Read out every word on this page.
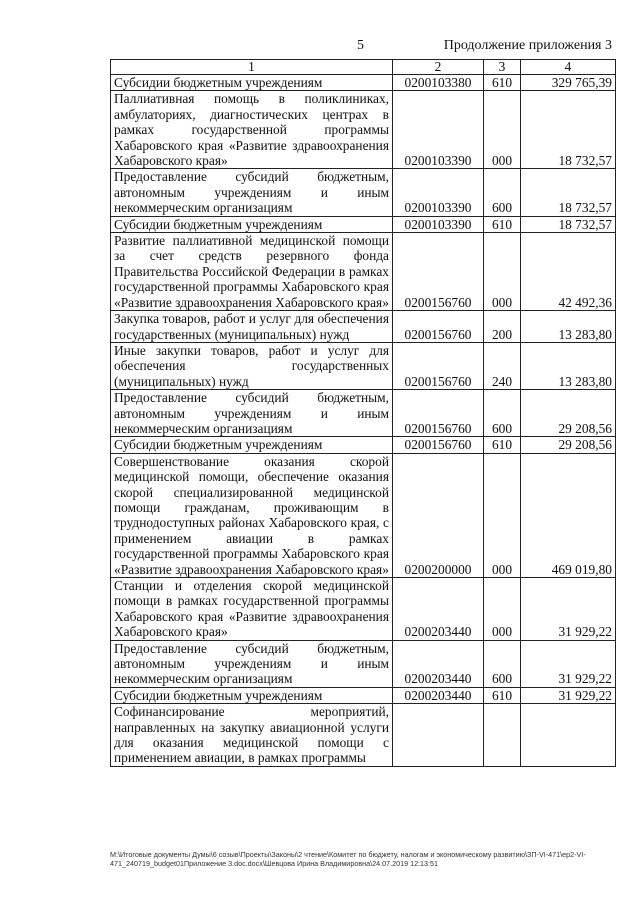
5	Продолжение приложения 3
1	2	3	4
Субсидии бюджетным учреждениям	0200103380	610	329 765,39
Паллиативная помощь в поликлиниках, амбулаториях, диагностических центрах в рамках государственной программы Хабаровского края «Развитие здравоохранения Хабаровского края»	0200103390	000	18 732,57
Предоставление субсидий бюджетным, автономным учреждениям и иным некоммерческим организациям	0200103390	600	18 732,57
Субсидии бюджетным учреждениям	0200103390	610	18 732,57
Развитие паллиативной медицинской помощи за счет средств резервного фонда Правительства Российской Федерации в рамках государственной программы Хабаровского края «Развитие здравоохранения Хабаровского края»	0200156760	000	42 492,36
Закупка товаров, работ и услуг для обеспечения государственных (муниципальных) нужд	0200156760	200	13 283,80
Иные закупки товаров, работ и услуг для обеспечения государственных (муниципальных) нужд	0200156760	240	13 283,80
Предоставление субсидий бюджетным, автономным учреждениям и иным некоммерческим организациям	0200156760	600	29 208,56
Субсидии бюджетным учреждениям	0200156760	610	29 208,56
Совершенствование оказания скорой медицинской помощи, обеспечение оказания скорой специализированной медицинской помощи гражданам, проживающим в труднодоступных районах Хабаровского края, с применением авиации в рамках государственной программы Хабаровского края «Развитие здравоохранения Хабаровского края»	0200200000	000	469 019,80
Станции и отделения скорой медицинской помощи в рамках государственной программы Хабаровского края «Развитие здравоохранения Хабаровского края»	0200203440	000	31 929,22
Предоставление субсидий бюджетным, автономным учреждениям и иным некоммерческим организациям	0200203440	600	31 929,22
Субсидии бюджетным учреждениям	0200203440	610	31 929,22
Софинансирование мероприятий, направленных на закупку авиационной услуги для оказания медицинской помощи с применением авиации, в рамках программы			
М:\Итоговые документы Думы\6 созыв\Проекты\Законы\2 чтение\Комитет по бюджету, налогам и экономическому развитию\ЗП-VI-471\ер2-VI-471_240719_budget01Приложение 3.doc.docx\Шевцова Ирина Владимировна\24.07.2019 12:13:51
